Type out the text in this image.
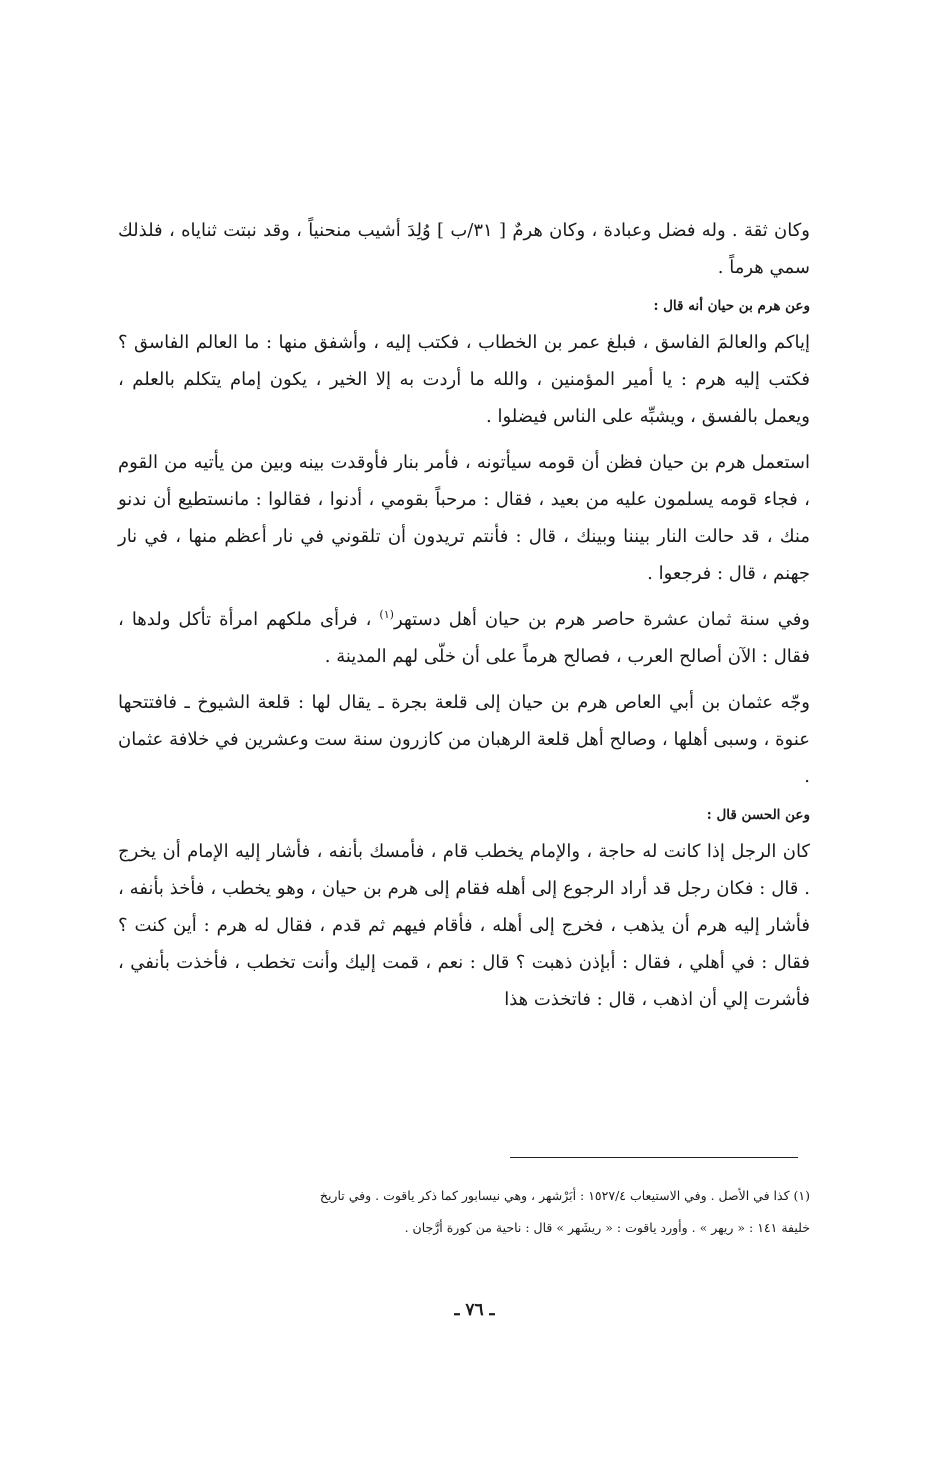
وكان ثقة . وله فضل وعبادة ، وكان هرمٌ [ ٣١/ب ] وُلِدَ أشيب منحنياً ، وقد نبتت ثناياه ، فلذلك سمي هرماً .

وعن هرم بن حيان أنه قال :

إياكم والعالمَ الفاسق ، فبلغ عمر بن الخطاب ، فكتب إليه ، وأشفق منها : ما العالم الفاسق ؟ فكتب إليه هرم : يا أمير المؤمنين ، والله ما أردت به إلا الخير ، يكون إمام يتكلم بالعلم ، ويعمل بالفسق ، ويشبِّه على الناس فيضلوا .

استعمل هرم بن حيان فظن أن قومه سيأتونه ، فأمر بنار فأوقدت بينه وبين من يأتيه من القوم ، فجاء قومه يسلمون عليه من بعيد ، فقال : مرحباً بقومي ، أدنوا ، فقالوا : مانستطيع أن ندنو منك ، قد حالت النار بيننا وبينك ، قال : فأنتم تريدون أن تلقوني في نار أعظم منها ، في نار جهنم ، قال : فرجعوا .

وفي سنة ثمان عشرة حاصر هرم بن حيان أهل دستهر$^{(١)}$ ، فرأى ملكهم امرأة تأكل ولدها ، فقال : الآن أصالح العرب ، فصالح هرماً على أن خلّى لهم المدينة .

وجّه عثمان بن أبي العاص هرم بن حيان إلى قلعة بجرة ـ يقال لها : قلعة الشيوخ ـ فافتتحها عنوة ، وسبى أهلها ، وصالح أهل قلعة الرهبان من كازرون سنة ست وعشرين في خلافة عثمان .

وعن الحسن قال :

كان الرجل إذا كانت له حاجة ، والإمام يخطب قام ، فأمسك بأنفه ، فأشار إليه الإمام أن يخرج . قال : فكان رجل قد أراد الرجوع إلى أهله فقام إلى هرم بن حيان ، وهو يخطب ، فأخذ بأنفه ، فأشار إليه هرم أن يذهب ، فخرج إلى أهله ، فأقام فيهم ثم قدم ، فقال له هرم : أين كنت ؟ فقال : في أهلي ، فقال : أبإذن ذهبت ؟ قال : نعم ، قمت إليك وأنت تخطب ، فأخذت بأنفي ، فأشرت إلي أن اذهب ، قال : فاتخذت هذا

(١) كذا في الأصل . وفي الاستيعاب ١٥٢٧/٤ : أبَرْشهر ، وهي نيسابور كما ذكر ياقوت . وفي تاريخ

خليفة ١٤١ : « ريهر » . وأورد ياقوت : « ريشَهر » قال : ناحية من كورة أرَّجان .

ـ ٧٦ ـ
